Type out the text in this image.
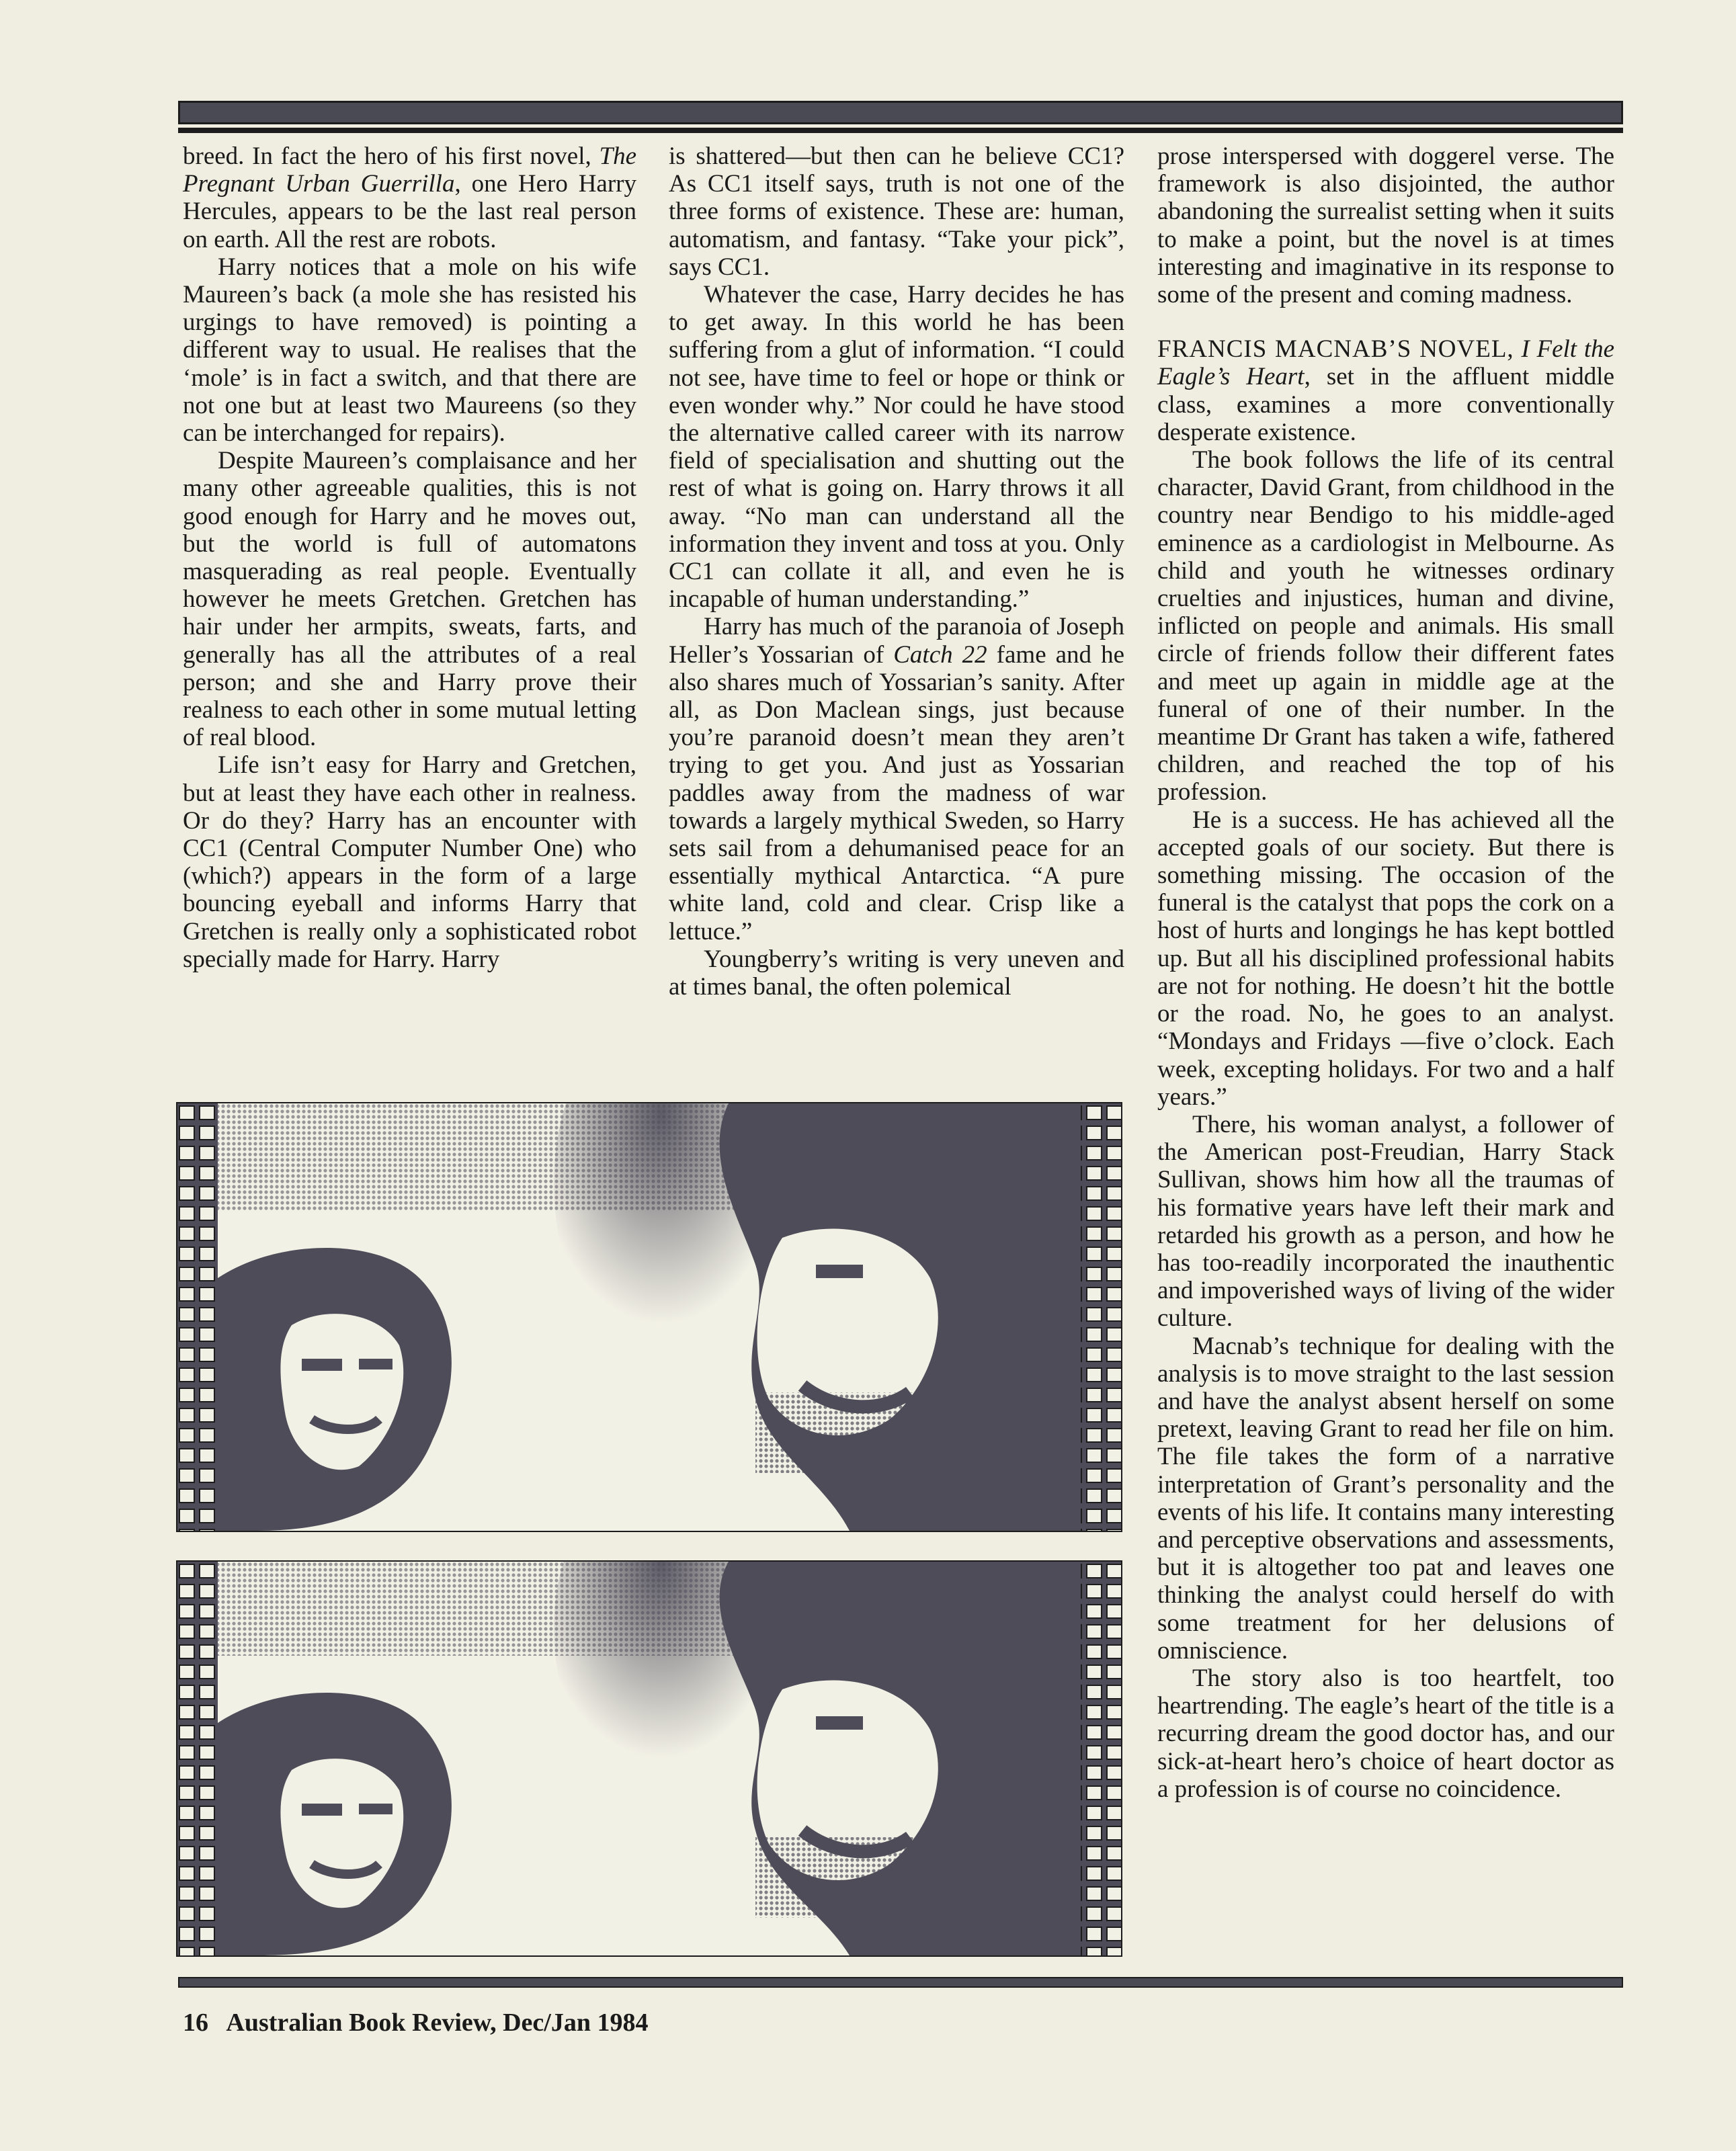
breed. In fact the hero of his first novel, The Pregnant Urban Guerrilla, one Hero Harry Hercules, appears to be the last real person on earth. All the rest are robots.

Harry notices that a mole on his wife Maureen’s back (a mole she has resisted his urgings to have removed) is pointing a different way to usual. He realises that the ‘mole’ is in fact a switch, and that there are not one but at least two Maureens (so they can be interchanged for repairs).

Despite Maureen’s complaisance and her many other agreeable qualities, this is not good enough for Harry and he moves out, but the world is full of automatons masquerading as real people. Eventually however he meets Gretchen. Gretchen has hair under her armpits, sweats, farts, and generally has all the attributes of a real person; and she and Harry prove their realness to each other in some mutual letting of real blood.

Life isn’t easy for Harry and Gretchen, but at least they have each other in realness. Or do they? Harry has an encounter with CC1 (Central Computer Number One) who (which?) appears in the form of a large bouncing eyeball and informs Harry that Gretchen is really only a sophisticated robot specially made for Harry. Harry

is shattered—but then can he believe CC1? As CC1 itself says, truth is not one of the three forms of existence. These are: human, automatism, and fantasy. “Take your pick”, says CC1.

Whatever the case, Harry decides he has to get away. In this world he has been suffering from a glut of information. “I could not see, have time to feel or hope or think or even wonder why.” Nor could he have stood the alternative called career with its narrow field of specialisation and shutting out the rest of what is going on. Harry throws it all away. “No man can understand all the information they invent and toss at you. Only CC1 can collate it all, and even he is incapable of human understanding.”

Harry has much of the paranoia of Joseph Heller’s Yossarian of Catch 22 fame and he also shares much of Yossarian’s sanity. After all, as Don Maclean sings, just because you’re paranoid doesn’t mean they aren’t trying to get you. And just as Yossarian paddles away from the madness of war towards a largely mythical Sweden, so Harry sets sail from a dehumanised peace for an essentially mythical Antarctica. “A pure white land, cold and clear. Crisp like a lettuce.”

Youngberry’s writing is very uneven and at times banal, the often polemical

prose interspersed with doggerel verse. The framework is also disjointed, the author abandoning the surrealist setting when it suits to make a point, but the novel is at times interesting and imaginative in its response to some of the present and coming madness.

FRANCIS MACNAB’S NOVEL, I Felt the Eagle’s Heart, set in the affluent middle class, examines a more conventionally desperate existence.

The book follows the life of its central character, David Grant, from childhood in the country near Bendigo to his middle-aged eminence as a cardiologist in Melbourne. As child and youth he witnesses ordinary cruelties and injustices, human and divine, inflicted on people and animals. His small circle of friends follow their different fates and meet up again in middle age at the funeral of one of their number. In the meantime Dr Grant has taken a wife, fathered children, and reached the top of his profession.

He is a success. He has achieved all the accepted goals of our society. But there is something missing. The occasion of the funeral is the catalyst that pops the cork on a host of hurts and longings he has kept bottled up. But all his disciplined professional habits are not for nothing. He doesn’t hit the bottle or the road. No, he goes to an analyst. “Mondays and Fridays —five o’clock. Each week, excepting holidays. For two and a half years.”

There, his woman analyst, a follower of the American post-Freudian, Harry Stack Sullivan, shows him how all the traumas of his formative years have left their mark and retarded his growth as a person, and how he has too-readily incorporated the inauthentic and impoverished ways of living of the wider culture.

Macnab’s technique for dealing with the analysis is to move straight to the last session and have the analyst absent herself on some pretext, leaving Grant to read her file on him. The file takes the form of a narrative interpretation of Grant’s personality and the events of his life. It contains many interesting and perceptive observations and assessments, but it is altogether too pat and leaves one thinking the analyst could herself do with some treatment for her delusions of omniscience.

The story also is too heartfelt, too heartrending. The eagle’s heart of the title is a recurring dream the good doctor has, and our sick-at-heart hero’s choice of heart doctor as a profession is of course no coincidence.

16 Australian Book Review, Dec/Jan 1984
